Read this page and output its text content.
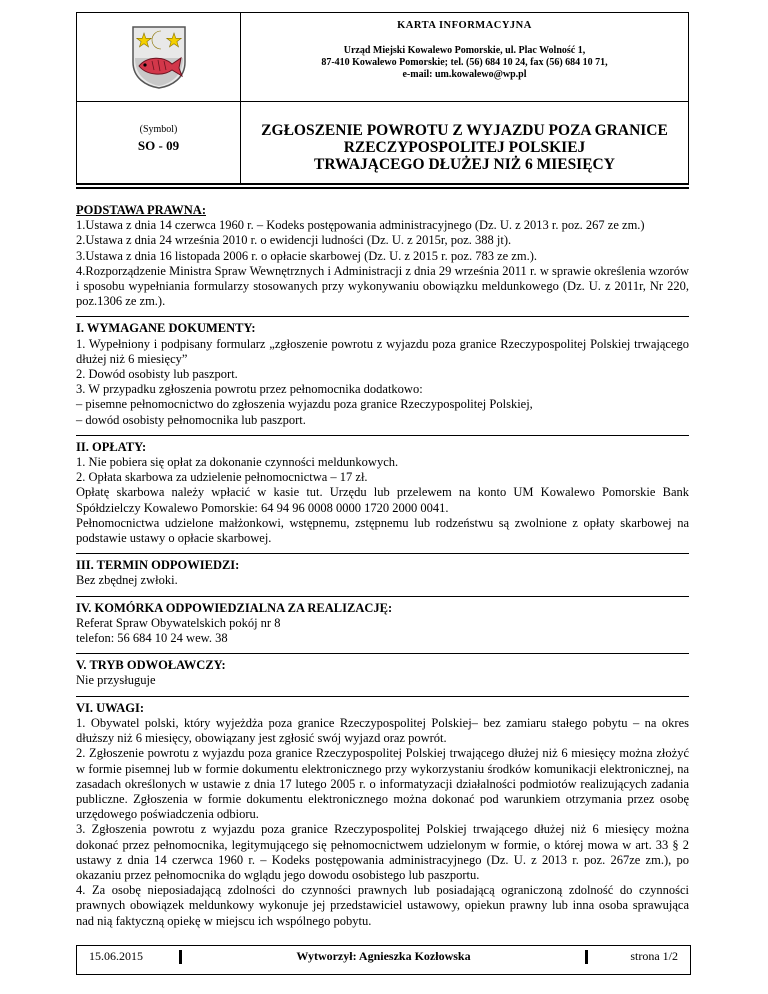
KARTA INFORMACYJNA
Urząd Miejski Kowalewo Pomorskie, ul. Plac Wolność 1,
87-410 Kowalewo Pomorskie; tel. (56) 684 10 24, fax (56) 684 10 71,
e-mail: um.kowalewo@wp.pl
(Symbol)
SO - 09
ZGŁOSZENIE POWROTU Z WYJAZDU POZA GRANICE
RZECZYPOSPOLITEJ POLSKIEJ
TRWAJĄCEGO DŁUŻEJ NIŻ 6 MIESIĘCY
PODSTAWA PRAWNA:

1.Ustawa z dnia 14 czerwca 1960 r. – Kodeks postępowania administracyjnego (Dz. U. z 2013 r. poz. 267 ze zm.)

2.Ustawa z dnia 24 września 2010 r. o ewidencji ludności (Dz. U. z 2015r, poz. 388 jt).

3.Ustawa z dnia 16 listopada 2006 r. o opłacie skarbowej (Dz. U. z 2015 r. poz. 783 ze zm.).

4.Rozporządzenie Ministra Spraw Wewnętrznych i Administracji z dnia 29 września 2011 r. w sprawie określenia wzorów i sposobu wypełniania formularzy stosowanych przy wykonywaniu obowiązku meldunkowego (Dz. U. z 2011r, Nr 220, poz.1306 ze zm.).

I. WYMAGANE DOKUMENTY:

1. Wypełniony i podpisany formularz „zgłoszenie powrotu z wyjazdu poza granice Rzeczypospolitej Polskiej trwającego dłużej niż 6 miesięcy”

2. Dowód osobisty lub paszport.

3. W przypadku zgłoszenia powrotu przez pełnomocnika dodatkowo:

– pisemne pełnomocnictwo do zgłoszenia wyjazdu poza granice Rzeczypospolitej Polskiej,

– dowód osobisty pełnomocnika lub paszport.

II. OPŁATY:

1. Nie pobiera się opłat za dokonanie czynności meldunkowych.

2. Opłata skarbowa za udzielenie pełnomocnictwa – 17 zł.

Opłatę skarbowa należy wpłacić w kasie tut. Urzędu lub przelewem na konto UM Kowalewo Pomorskie Bank Spółdzielczy Kowalewo Pomorskie: 64 94 96 0008 0000 1720 2000 0041.

Pełnomocnictwa udzielone małżonkowi, wstępnemu, zstępnemu lub rodzeństwu są zwolnione z opłaty skarbowej na podstawie ustawy o opłacie skarbowej.

III. TERMIN ODPOWIEDZI:

Bez zbędnej zwłoki.

IV. KOMÓRKA ODPOWIEDZIALNA ZA REALIZACJĘ:

Referat Spraw Obywatelskich pokój nr 8

telefon: 56 684 10 24 wew. 38

V. TRYB ODWOŁAWCZY:

Nie przysługuje

VI. UWAGI:

1. Obywatel polski, który wyjeżdża poza granice Rzeczypospolitej Polskiej– bez zamiaru stałego pobytu – na okres dłuższy niż 6 miesięcy, obowiązany jest zgłosić swój wyjazd oraz powrót.

2. Zgłoszenie powrotu z wyjazdu poza granice Rzeczypospolitej Polskiej trwającego dłużej niż 6 miesięcy można złożyć w formie pisemnej lub w formie dokumentu elektronicznego przy wykorzystaniu środków komunikacji elektronicznej, na zasadach określonych w ustawie z dnia 17 lutego 2005 r. o informatyzacji działalności podmiotów realizujących zadania publiczne. Zgłoszenia w formie dokumentu elektronicznego można dokonać pod warunkiem otrzymania przez osobę urzędowego poświadczenia odbioru.

3. Zgłoszenia powrotu z wyjazdu poza granice Rzeczypospolitej Polskiej trwającego dłużej niż 6 miesięcy można dokonać przez pełnomocnika, legitymującego się pełnomocnictwem udzielonym w formie, o której mowa w art. 33 § 2 ustawy z dnia 14 czerwca 1960 r. – Kodeks postępowania administracyjnego (Dz. U. z 2013 r. poz. 267ze zm.), po okazaniu przez pełnomocnika do wglądu jego dowodu osobistego lub paszportu.

4. Za osobę nieposiadającą zdolności do czynności prawnych lub posiadającą ograniczoną zdolność do czynności prawnych obowiązek meldunkowy wykonuje jej przedstawiciel ustawowy, opiekun prawny lub inna osoba sprawująca nad nią faktyczną opiekę w miejscu ich wspólnego pobytu.

15.06.2015	Wytworzył: Agnieszka Kozłowska	strona 1/2
